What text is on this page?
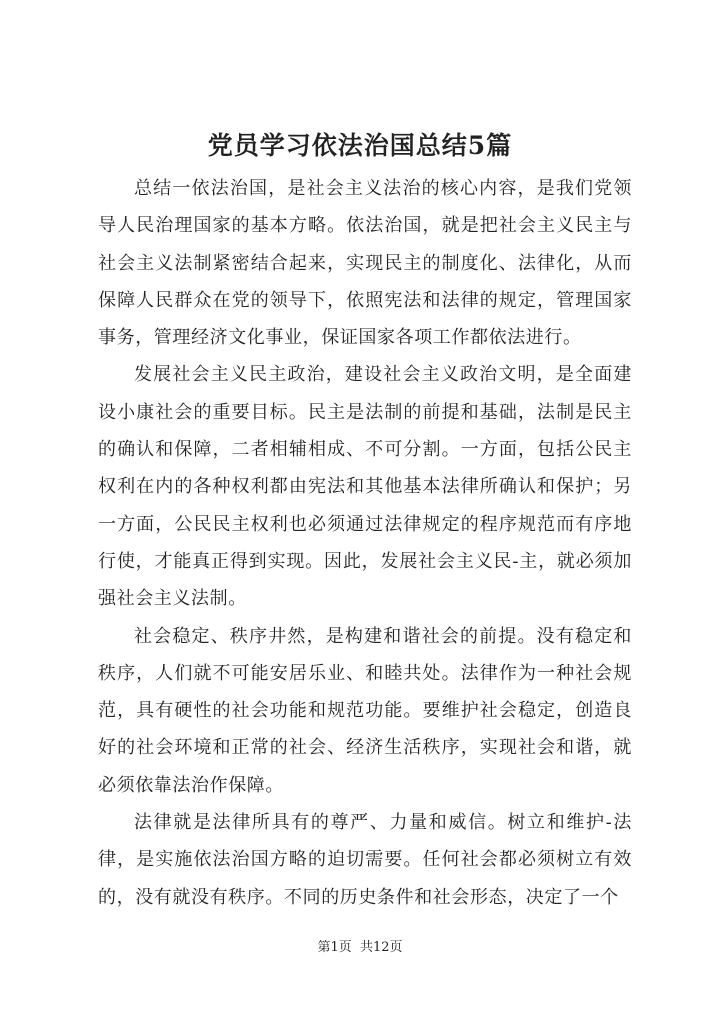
党员学习依法治国总结5篇

总结一依法治国，是社会主义法治的核心内容，是我们党领导人民治理国家的基本方略。依法治国，就是把社会主义民主与社会主义法制紧密结合起来，实现民主的制度化、法律化，从而保障人民群众在党的领导下，依照宪法和法律的规定，管理国家事务，管理经济文化事业，保证国家各项工作都依法进行。

发展社会主义民主政治，建设社会主义政治文明，是全面建设小康社会的重要目标。民主是法制的前提和基础，法制是民主的确认和保障，二者相辅相成、不可分割。一方面，包括公民主权利在内的各种权利都由宪法和其他基本法律所确认和保护；另一方面，公民民主权利也必须通过法律规定的程序规范而有序地行使，才能真正得到实现。因此，发展社会主义民-主，就必须加强社会主义法制。

社会稳定、秩序井然，是构建和谐社会的前提。没有稳定和秩序，人们就不可能安居乐业、和睦共处。法律作为一种社会规范，具有硬性的社会功能和规范功能。要维护社会稳定，创造良好的社会环境和正常的社会、经济生活秩序，实现社会和谐，就必须依靠法治作保障。

法律就是法律所具有的尊严、力量和威信。树立和维护-法律，是实施依法治国方略的迫切需要。任何社会都必须树立有效的，没有就没有秩序。不同的历史条件和社会形态，决定了一个

第1页  共12页
